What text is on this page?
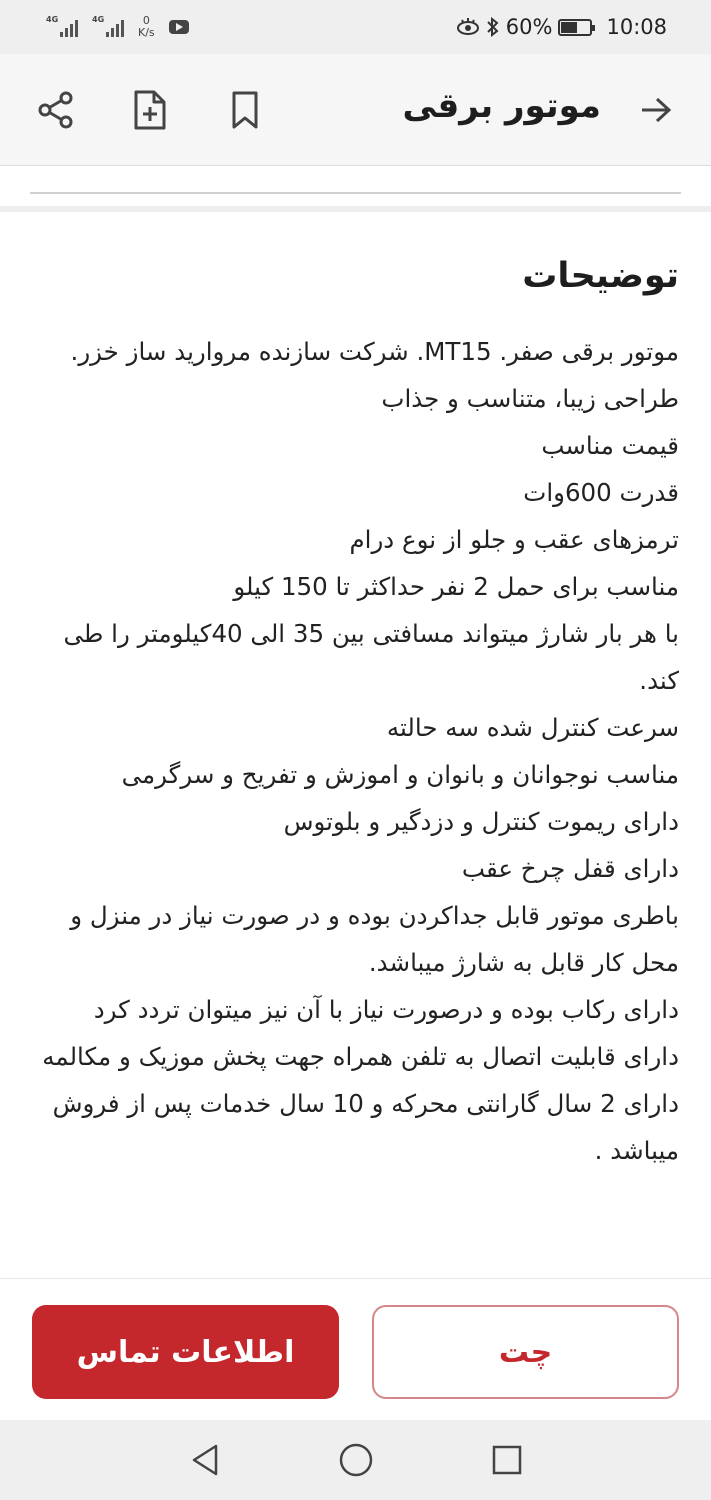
4G	4G	0
K/s	60%	10:08
موتور برقی
توضیحات

موتور برقی صفر. MT15. شرکت سازنده مروارید ساز خزر.

طراحی زیبا، متناسب و جذاب

قیمت مناسب

قدرت 600وات

ترمزهای عقب و جلو از نوع درام

مناسب برای حمل 2 نفر حداکثر تا 150 کیلو

با هر بار شارژ میتواند مسافتی بین 35 الی 40کیلومتر را طی کند.

سرعت کنترل شده سه حالته

مناسب نوجوانان و بانوان و اموزش و تفریح و سرگرمی

دارای ریموت کنترل و دزدگیر و بلوتوس

دارای قفل چرخ عقب

باطری موتور قابل جداکردن بوده و در صورت نیاز در منزل و محل کار قابل به شارژ میباشد.

دارای رکاب بوده و درصورت نیاز با آن نیز میتوان تردد کرد

دارای قابلیت اتصال به تلفن همراه جهت پخش موزیک و مکالمه

دارای 2 سال گارانتی محرکه و 10 سال خدمات پس از فروش میباشد .

اطلاعات تماس	چت
